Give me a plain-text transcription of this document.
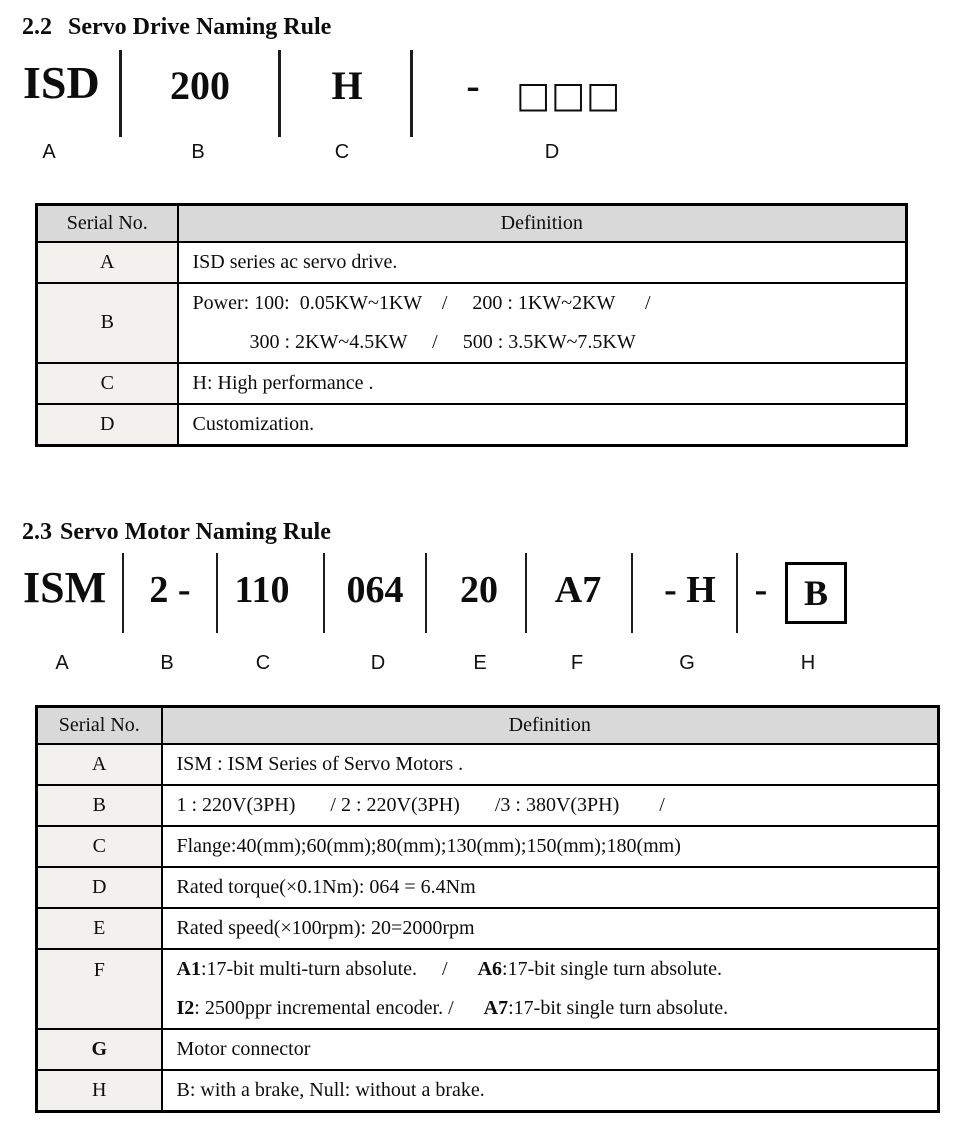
2.2 Servo Drive Naming Rule
ISD 200	H	- □□□
A	B	C	D
Serial No.	Definition
A	ISD series ac servo drive.

B	Power: 100:  0.05KW~1KW    /     200 : 1KW~2KW      /
300 : 2KW~4.5KW     /     500 : 3.5KW~7.5KW

C	H: High performance .

D	Customization.
2.3 Servo Motor Naming Rule
ISM 2 - 110 064 20 A7 - H - B
A	B	C	D	E	F	G	H
Serial No.	Definition
A	ISM : ISM Series of Servo Motors .

B	1 : 220V(3PH)       / 2 : 220V(3PH)       /3 : 380V(3PH)        /

C	Flange:40(mm);60(mm);80(mm);130(mm);150(mm);180(mm)

D	Rated torque(×0.1Nm): 064 = 6.4Nm

E	Rated speed(×100rpm): 20=2000rpm

F	A1:17-bit multi-turn absolute.     /      A6:17-bit single turn absolute.
I2: 2500ppr incremental encoder. /      A7:17-bit single turn absolute.

G	Motor connector

H	B: with a brake, Null: without a brake.
